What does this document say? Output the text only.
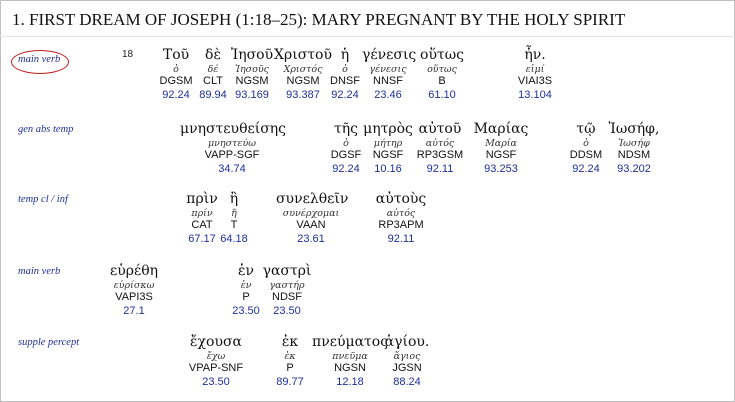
1. FIRST DREAM OF JOSEPH (1:18–25): MARY PREGNANT BY THE HOLY SPIRIT
18
main verb
gen abs temp
temp cl / inf
main verb
supple percept
Τοῦ
ὁ
DGSM
92.24
δὲ
δέ
CLT
89.94
Ἰησοῦ
Ἰησοῦς
NGSM
93.169
Χριστοῦ
Χριστός
NGSM
93.387
ἡ
ὁ
DNSF
92.24
γένεσις
γένεσις
NNSF
23.46
οὕτως
οὕτως
B
61.10
ἦν.
εἰμί
VIAI3S
13.104
μνηστευθείσης
μνηστεύω
VAPP-SGF
34.74
τῆς
ὁ
DGSF
92.24
μητρὸς
μήτηρ
NGSF
10.16
αὐτοῦ
αὐτός
RP3GSM
92.11
Μαρίας
Μαρία
NGSF
93.253
τῷ
ὁ
DDSM
92.24
Ἰωσήφ,
Ἰωσήφ
NDSM
93.202
πρὶν
πρίν
CAT
67.17
ἢ
ἤ
T
64.18
συνελθεῖν
συνέρχομαι
VAAN
23.61
αὐτοὺς
αὐτός
RP3APM
92.11
εὑρέθη
εὑρίσκω
VAPI3S
27.1
ἐν
ἐν
P
23.50
γαστρὶ
γαστήρ
NDSF
23.50
ἔχουσα
ἔχω
VPAP-SNF
23.50
ἐκ
ἐκ
P
89.77
πνεύματος
πνεῦμα
NGSN
12.18
ἁγίου.
ἅγιος
JGSN
88.24
